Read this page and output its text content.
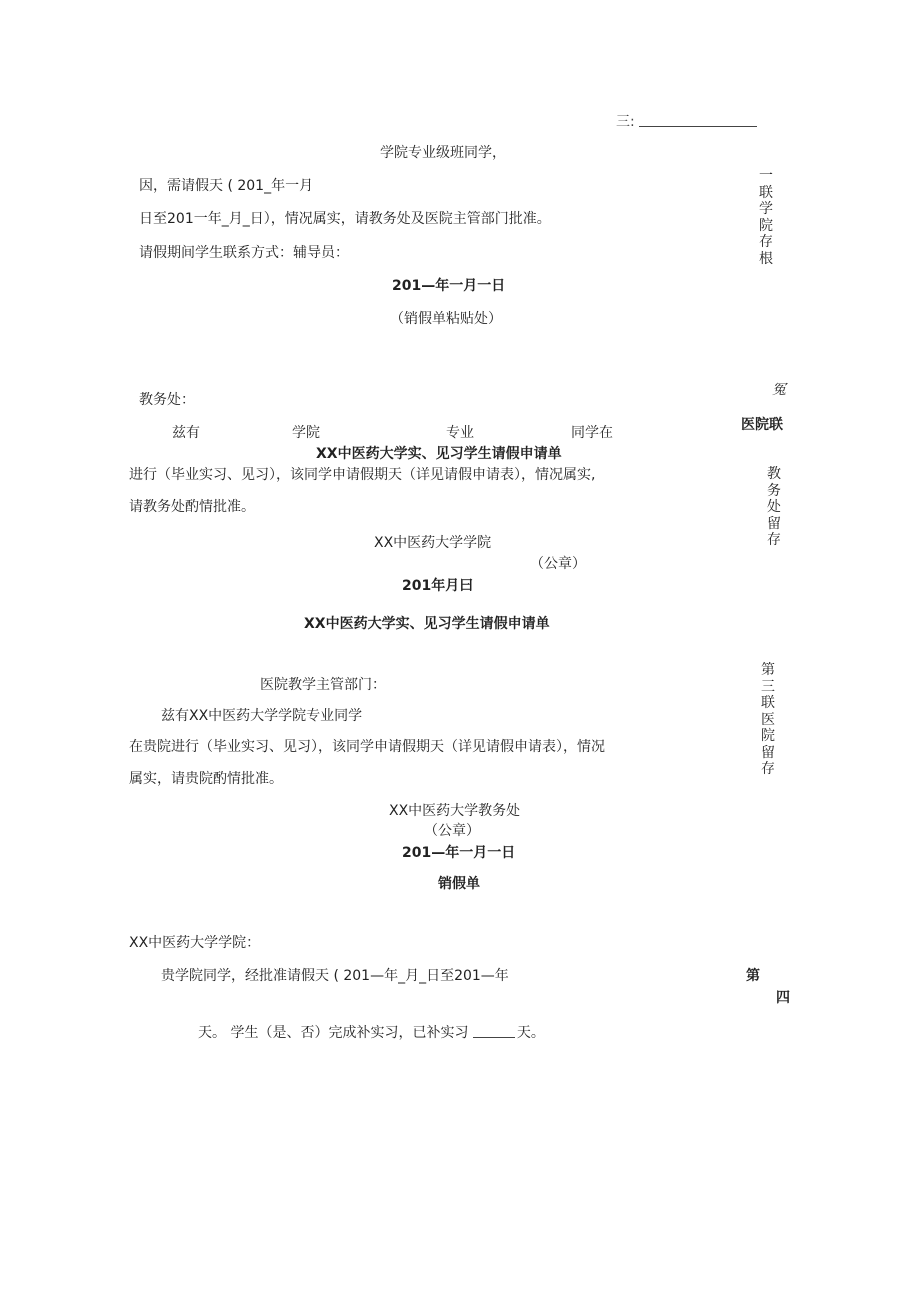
三:
学院专业级班同学，
因，需请假天 ( 201_年一月
日至201一年_月_日），情况属实，请教务处及医院主管部门批准。
请假期间学生联系方式：辅导员：
201—年一月一日
（销假单粘贴处）
一联学院存根
冤
教务处：
医院联
兹有	学院	专业	同学在
XX中医药大学实、见习学生请假申请单
进行（毕业实习、见习），该同学申请假期天（详见请假申请表），情况属实,
请教务处酌情批准。
教务处留存
XX中医药大学学院
（公章）
201年月曰
XX中医药大学实、见习学生请假申请单
第三联医院留存
医院教学主管部门：
兹有XX中医药大学学院专业同学
在贵院进行（毕业实习、见习），该同学申请假期天（详见请假申请表），情况
属实，请贵院酌情批准。
XX中医药大学教务处
（公章）
201—年一月一日
销假单
XX中医药大学学院：
贵学院同学，经批准请假天 ( 201—年_月_日至201—年	第
四
天。 学生（是、否）完成补实习，已补实习	天。
